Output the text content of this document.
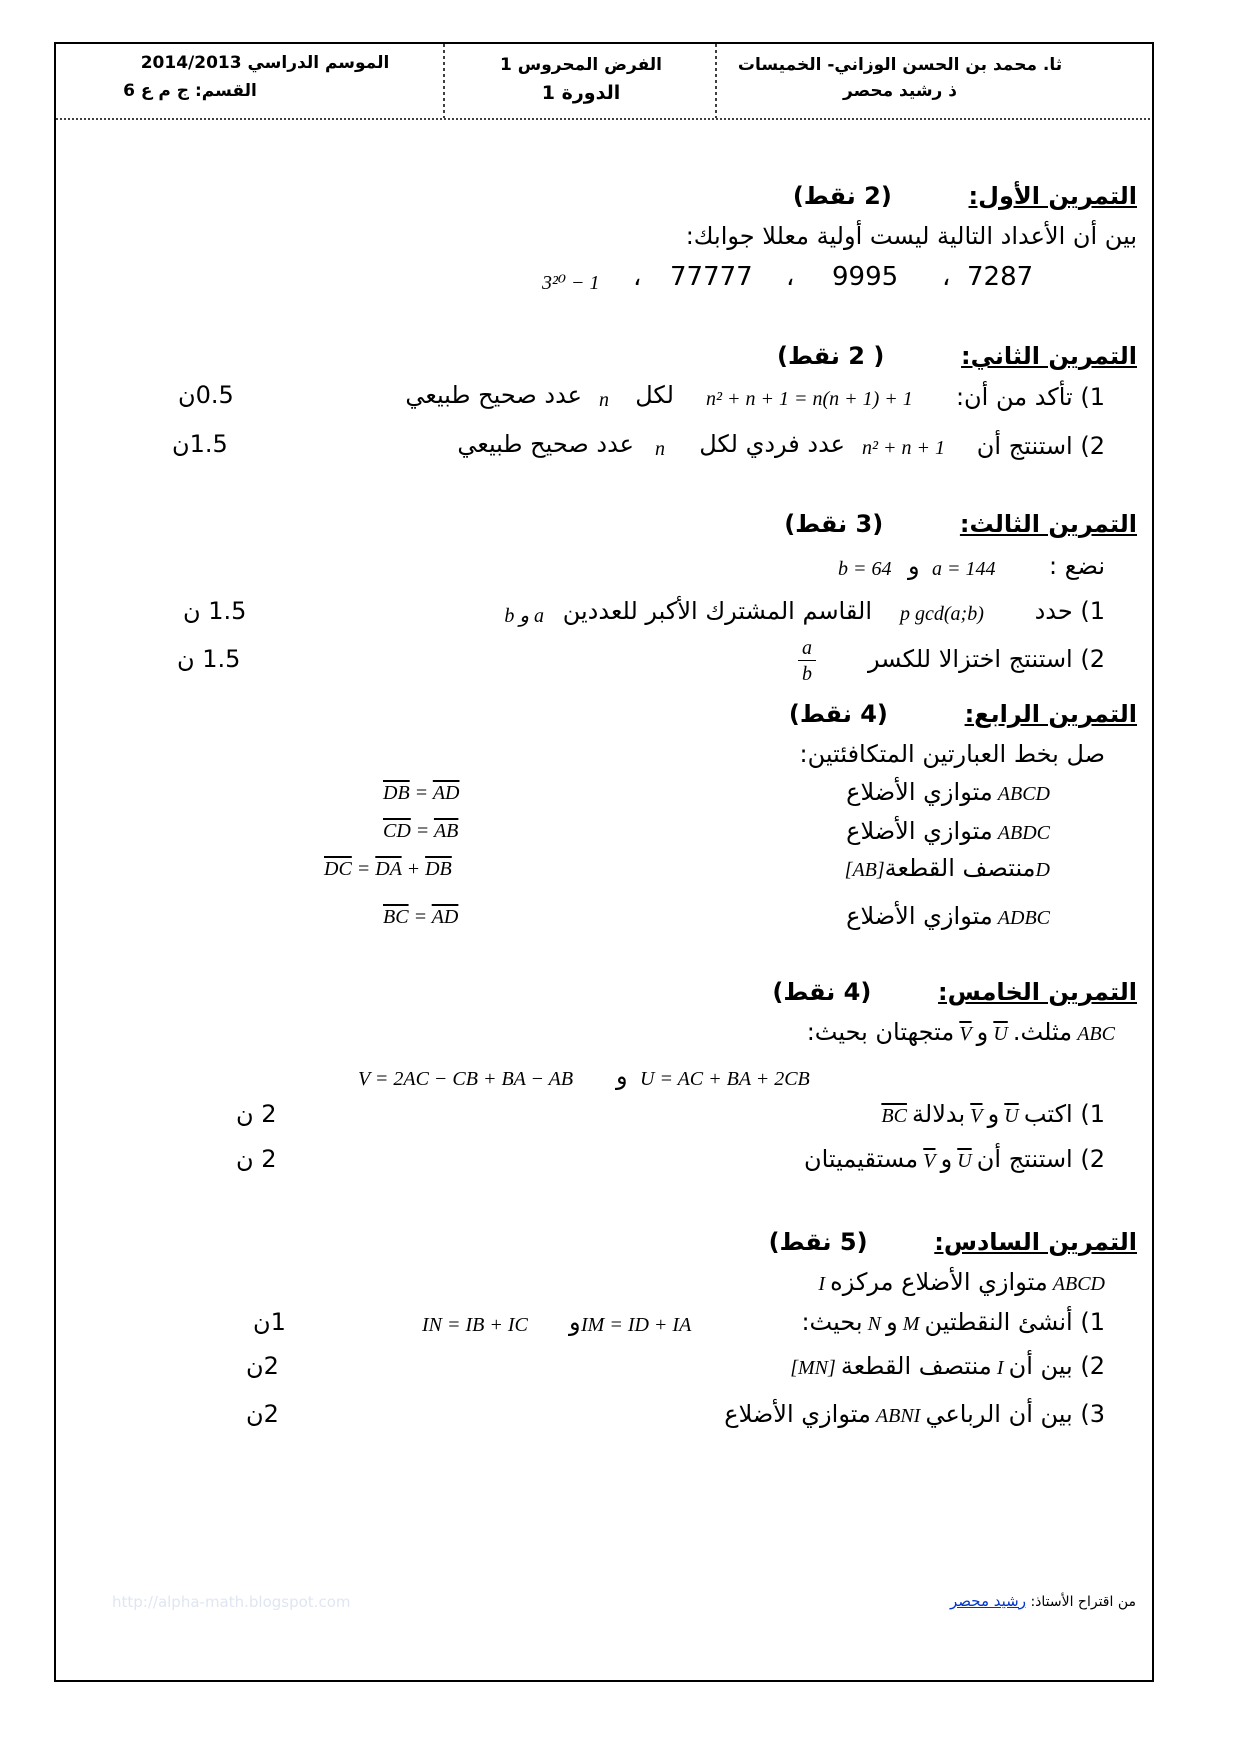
ثا. محمد بن الحسن الوزاني- الخميسات
ذ رشيد محصر
الفرض المحروس 1
الدورة 1
الموسم الدراسي 2014/2013
القسم: ج م ع 6
التمرين الأول:  (2 نقط)
بين أن الأعداد التالية ليست أولية معللا جوابك:
7287
،
9995
،
77777
،
3²⁰ − 1
التمرين الثاني:  ( 2 نقط)
1) تأكد من أن:
n² + n + 1 = n(n + 1) + 1
لكل
n
عدد صحيح طبيعي
0.5ن
2) استنتج أن
n² + n + 1
عدد فردي لكل
n
عدد صحيح طبيعي
1.5ن
التمرين الثالث:  (3 نقط)
نضع :
a = 144
و
b = 64
1) حدد
p gcd(a;b)
القاسم المشترك الأكبر للعددين
a و b
1.5 ن
2) استنتج اختزالا للكسر
$\frac{a}{b}$
1.5 ن
التمرين الرابع:  (4 نقط)
صل بخط العبارتين المتكافئتين:
ABCD متوازي الأضلاع
ABDC متوازي الأضلاع
Dمنتصف القطعة[AB]
ADBC متوازي الأضلاع
$\overline{DB} = \overline{AD}$
$\overline{CD} = \overline{AB}$
$\overline{DC} = \overline{DA} + \overline{DB}$
$\overline{BC} = \overline{AD}$
التمرين الخامس:  (4 نقط)
ABC مثلث. U و V متجهتان بحيث:
U = AC + BA + 2CB
و
V = 2AC − CB + BA − AB
1) اكتب U و V بدلالة BC
2 ن
2) استنتج أن U و V مستقيميتان
2 ن
التمرين السادس:  (5 نقط)
ABCD متوازي الأضلاع مركزه I
1) أنشئ النقطتين M و N بحيث:
IM = ID + IA
و
IN = IB + IC
1ن
2) بين أن I منتصف القطعة [MN]
2ن
3) بين أن الرباعي ABNI متوازي الأضلاع
2ن
من اقتراح الأستاذ: رشيد محصر
http://alpha-math.blogspot.com
